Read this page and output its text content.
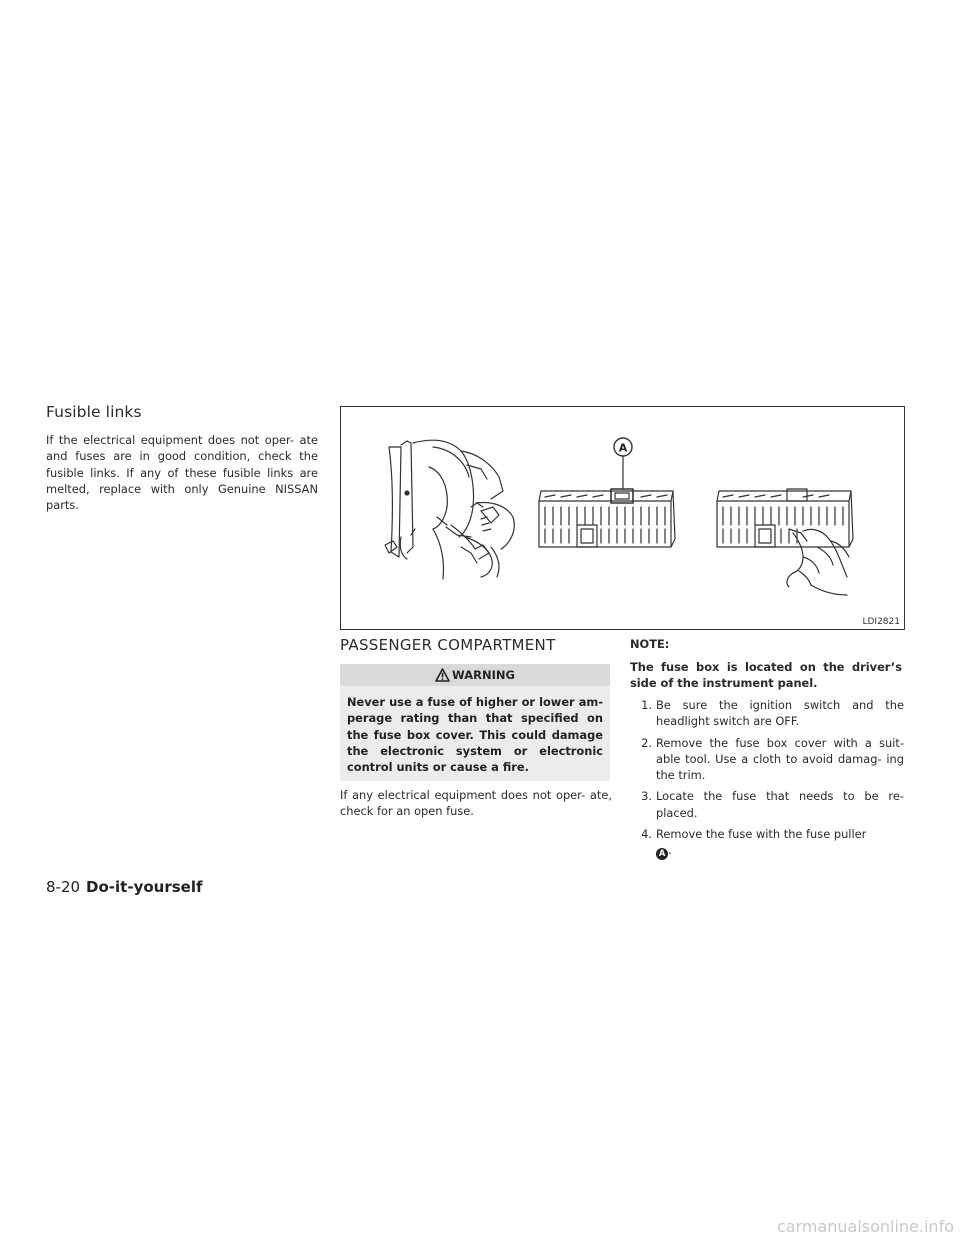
Fusible links
If the electrical equipment does not oper- ate and fuses are in good condition, check the fusible links. If any of these fusible links are melted, replace with only Genuine NISSAN parts.
A
LDI2821
PASSENGER COMPARTMENT
WARNING
Never use a fuse of higher or lower am- perage rating than that specified on the fuse box cover. This could damage the electronic system or electronic control units or cause a fire.
If any electrical equipment does not oper- ate, check for an open fuse.
NOTE:
The fuse box is located on the driver’s side of the instrument panel.
1. Be sure the ignition switch and the headlight switch are OFF.
2. Remove the fuse box cover with a suit- able tool. Use a cloth to avoid damag- ing the trim.
3. Locate the fuse that needs to be re- placed.
4. Remove the fuse with the fuse puller
A .
8-20 Do-it-yourself
carmanualsonline.info
